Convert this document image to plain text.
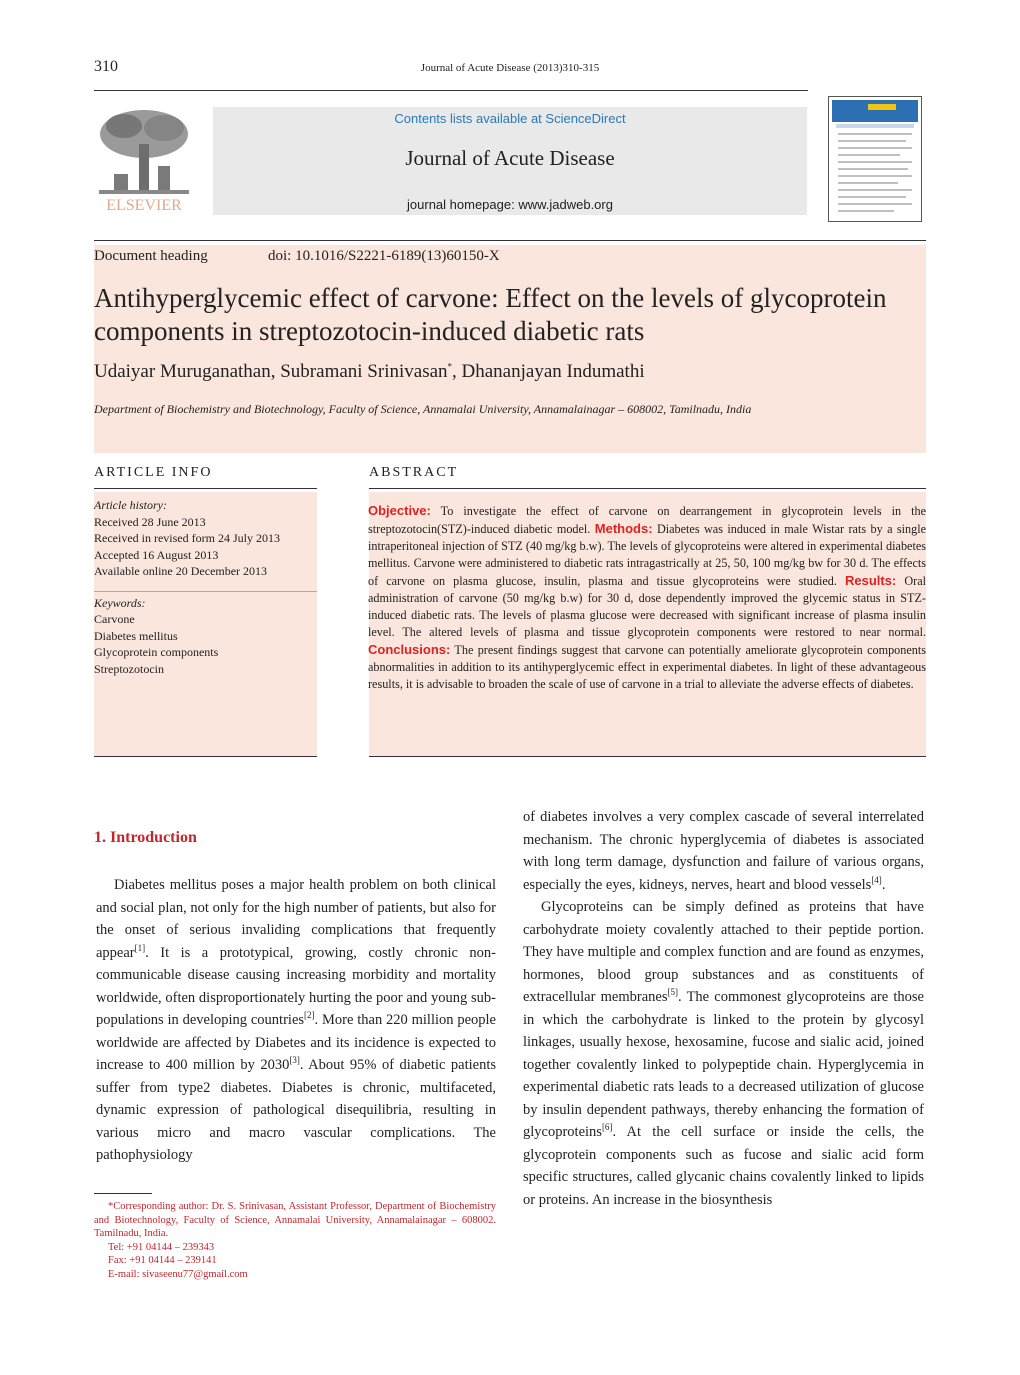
310	Journal of Acute Disease (2013)310-315
ELSEVIER
Contents lists available at ScienceDirect
Journal of Acute Disease
journal homepage: www.jadweb.org
Document heading	doi: 10.1016/S2221-6189(13)60150-X
Antihyperglycemic effect of carvone: Effect on the levels of glycoprotein components in streptozotocin-induced diabetic rats
Udaiyar Muruganathan, Subramani Srinivasan*, Dhananjayan Indumathi
Department of Biochemistry and Biotechnology, Faculty of Science, Annamalai University, Annamalainagar – 608002, Tamilnadu, India
ARTICLE INFO	ABSTRACT
Article history:
Received 28 June 2013
Received in revised form 24 July 2013
Accepted 16 August 2013
Available online 20 December 2013
Keywords:
Carvone
Diabetes mellitus
Glycoprotein components
Streptozotocin
Objective: To investigate the effect of carvone on dearrangement in glycoprotein levels in the streptozotocin(STZ)-induced diabetic model. Methods: Diabetes was induced in male Wistar rats by a single intraperitoneal injection of STZ (40 mg/kg b.w). The levels of glycoproteins were altered in experimental diabetes mellitus. Carvone were administered to diabetic rats intragastrically at 25, 50, 100 mg/kg bw for 30 d. The effects of carvone on plasma glucose, insulin, plasma and tissue glycoproteins were studied. Results: Oral administration of carvone (50 mg/kg b.w) for 30 d, dose dependently improved the glycemic status in STZ-induced diabetic rats. The levels of plasma glucose were decreased with significant increase of plasma insulin level. The altered levels of plasma and tissue glycoprotein components were restored to near normal. Conclusions: The present findings suggest that carvone can potentially ameliorate glycoprotein components abnormalities in addition to its antihyperglycemic effect in experimental diabetes. In light of these advantageous results, it is advisable to broaden the scale of use of carvone in a trial to alleviate the adverse effects of diabetes.
1. Introduction

Diabetes mellitus poses a major health problem on both clinical and social plan, not only for the high number of patients, but also for the onset of serious invaliding complications that frequently appear[1]. It is a prototypical, growing, costly chronic non-communicable disease causing increasing morbidity and mortality worldwide, often disproportionately hurting the poor and young sub-populations in developing countries[2]. More than 220 million people worldwide are affected by Diabetes and its incidence is expected to increase to 400 million by 2030[3]. About 95% of diabetic patients suffer from type2 diabetes. Diabetes is chronic, multifaceted, dynamic expression of pathological disequilibria, resulting in various micro and macro vascular complications. The pathophysiology

of diabetes involves a very complex cascade of several interrelated mechanism. The chronic hyperglycemia of diabetes is associated with long term damage, dysfunction and failure of various organs, especially the eyes, kidneys, nerves, heart and blood vessels[4].

Glycoproteins can be simply defined as proteins that have carbohydrate moiety covalently attached to their peptide portion. They have multiple and complex function and are found as enzymes, hormones, blood group substances and as constituents of extracellular membranes[5]. The commonest glycoproteins are those in which the carbohydrate is linked to the protein by glycosyl linkages, usually hexose, hexosamine, fucose and sialic acid, joined together covalently linked to polypeptide chain. Hyperglycemia in experimental diabetic rats leads to a decreased utilization of glucose by insulin dependent pathways, thereby enhancing the formation of glycoproteins[6]. At the cell surface or inside the cells, the glycoprotein components such as fucose and sialic acid form specific structures, called glycanic chains covalently linked to lipids or proteins. An increase in the biosynthesis

*Corresponding author: Dr. S. Srinivasan, Assistant Professor, Department of Biochemistry and Biotechnology, Faculty of Science, Annamalai University, Annamalainagar – 608002. Tamilnadu, India.
Tel: +91 04144 – 239343
Fax: +91 04144 – 239141
E-mail: sivaseenu77@gmail.com
